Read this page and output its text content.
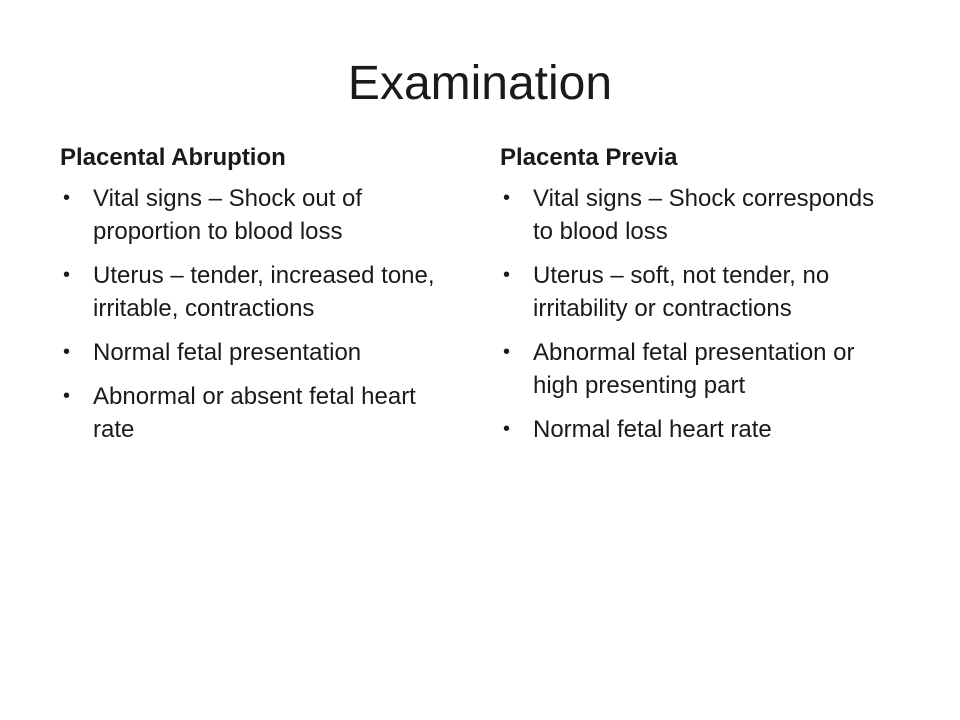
Examination
Placental Abruption
• Vital signs – Shock out of proportion to blood loss
• Uterus – tender, increased tone, irritable, contractions
• Normal fetal presentation
• Abnormal or absent fetal heart rate
Placenta Previa
• Vital signs – Shock corresponds to blood loss
• Uterus – soft, not tender, no irritability or contractions
• Abnormal fetal presentation or high presenting part
• Normal fetal heart rate
